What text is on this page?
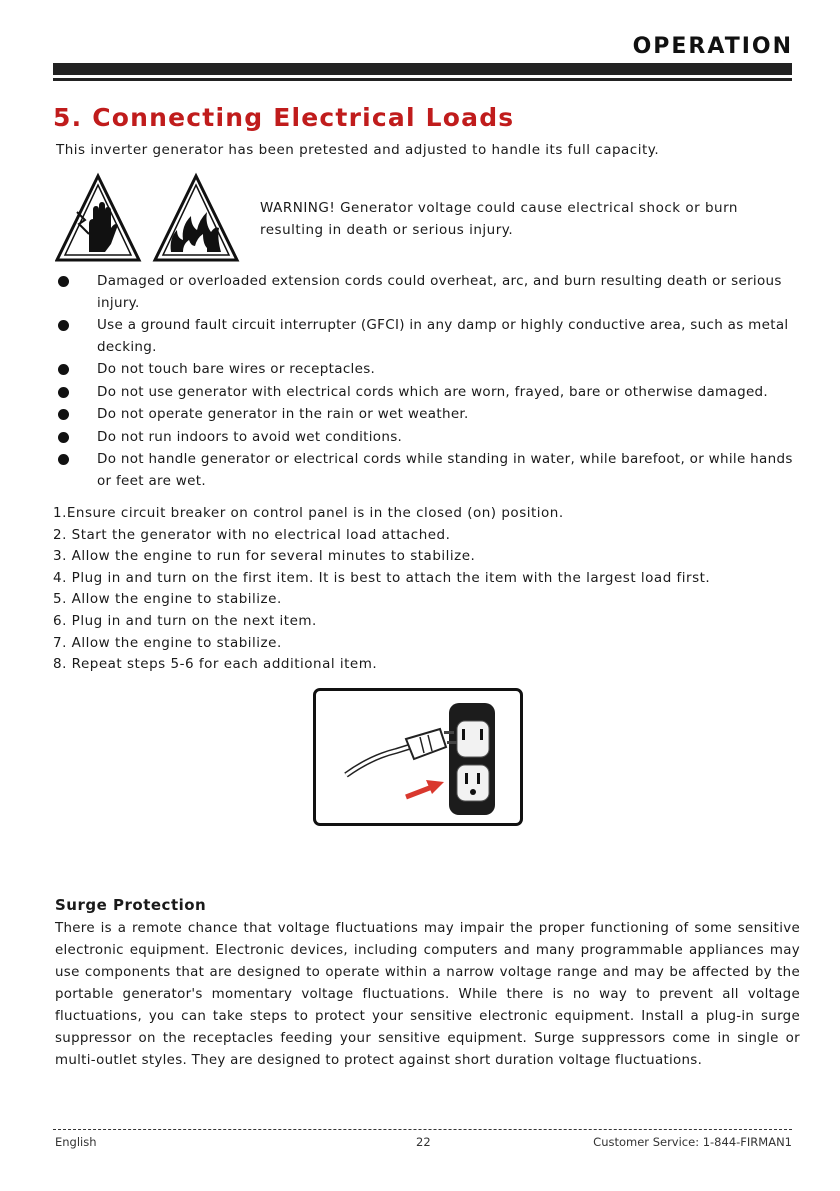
OPERATION
5. Connecting Electrical Loads
This inverter generator has been pretested and adjusted to handle its full capacity.
WARNING! Generator voltage could cause electrical shock or burn resulting in death or serious injury.
Damaged or overloaded extension cords could overheat, arc, and burn resulting death or serious injury.
Use a ground fault circuit interrupter (GFCI) in any damp or highly conductive area, such as metal decking.
Do not touch bare wires or receptacles.
Do not use generator with electrical cords which are worn, frayed, bare or otherwise damaged.
Do not operate generator in the rain or wet weather.
Do not run indoors to avoid wet conditions.
Do not handle generator or electrical cords while standing in water, while barefoot, or while hands or feet are wet.
1.Ensure circuit breaker on control panel is in the closed (on) position.
2. Start the generator with no electrical load attached.
3. Allow the engine to run for several minutes to stabilize.
4. Plug in and turn on the first item. It is best to attach the item with the largest load first.
5. Allow the engine to stabilize.
6. Plug in and turn on the next item.
7. Allow the engine to stabilize.
8. Repeat steps 5-6 for each additional item.
Surge Protection
There is a remote chance that voltage fluctuations may impair the proper functioning of some sensitive electronic equipment. Electronic devices, including computers and many programmable appliances may use components that are designed to operate within a narrow voltage range and may be affected by the portable generator's momentary voltage fluctuations. While there is no way to prevent all voltage fluctuations, you can take steps to protect your sensitive electronic equipment. Install a plug-in surge suppressor on the receptacles feeding your sensitive equipment. Surge suppressors come in single or multi-outlet styles. They are designed to protect against short duration voltage fluctuations.
English	22	Customer Service: 1-844-FIRMAN1
